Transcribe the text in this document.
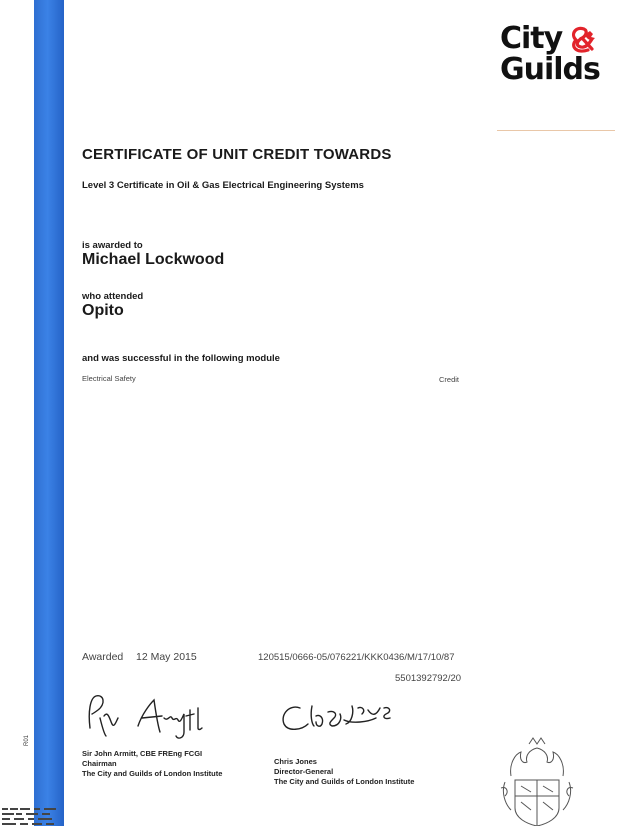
R01
City
Guilds
CERTIFICATE OF UNIT CREDIT TOWARDS
Level 3 Certificate in Oil & Gas Electrical Engineering Systems
is awarded to
Michael Lockwood
who attended
Opito
and was successful in the following module
Electrical Safety	Credit
Awarded 12 May 2015	120515/0666-05/076221/KKK0436/M/17/10/87
5501392792/20
Sir John Armitt, CBE FREng FCGI
Chairman
The City and Guilds of London Institute
Chris Jones
Director-General
The City and Guilds of London Institute
